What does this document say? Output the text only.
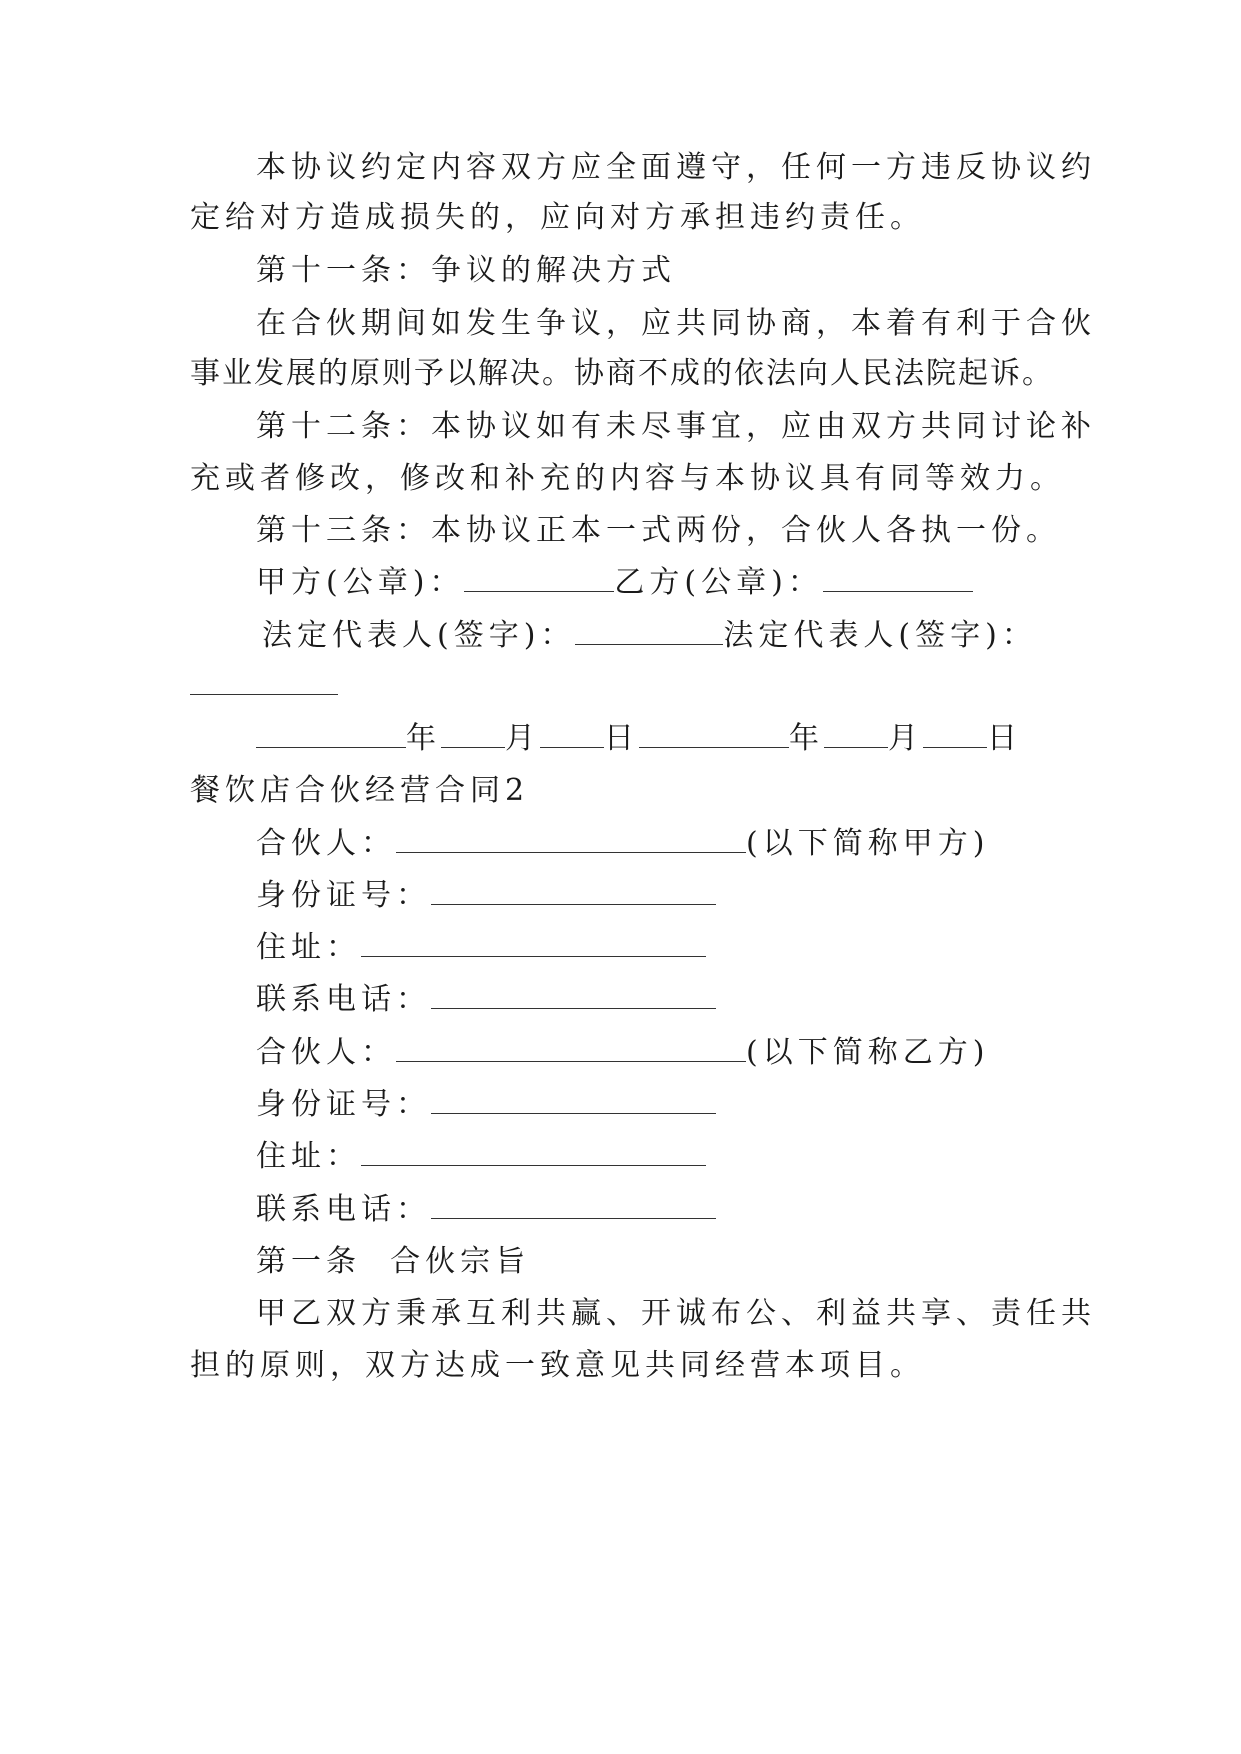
本协议约定内容双方应全面遵守，任何一方违反协议约
定给对方造成损失的，应向对方承担违约责任。
第十一条：争议的解决方式
在合伙期间如发生争议，应共同协商，本着有利于合伙
事业发展的原则予以解决。协商不成的依法向人民法院起诉。
第十二条：本协议如有未尽事宜，应由双方共同讨论补
充或者修改，修改和补充的内容与本协议具有同等效力。
第十三条：本协议正本一式两份，合伙人各执一份。
甲方(公章)：	乙方(公章)：
法定代表人(签字)：	法定代表人(签字)：
年 月 日	年 月 日
餐饮店合伙经营合同2
合伙人：	(以下简称甲方)
身份证号：
住址：
联系电话：
合伙人：	(以下简称乙方)
身份证号：
住址：
联系电话：
第一条  合伙宗旨
甲乙双方秉承互利共赢、开诚布公、利益共享、责任共
担的原则，双方达成一致意见共同经营本项目。
